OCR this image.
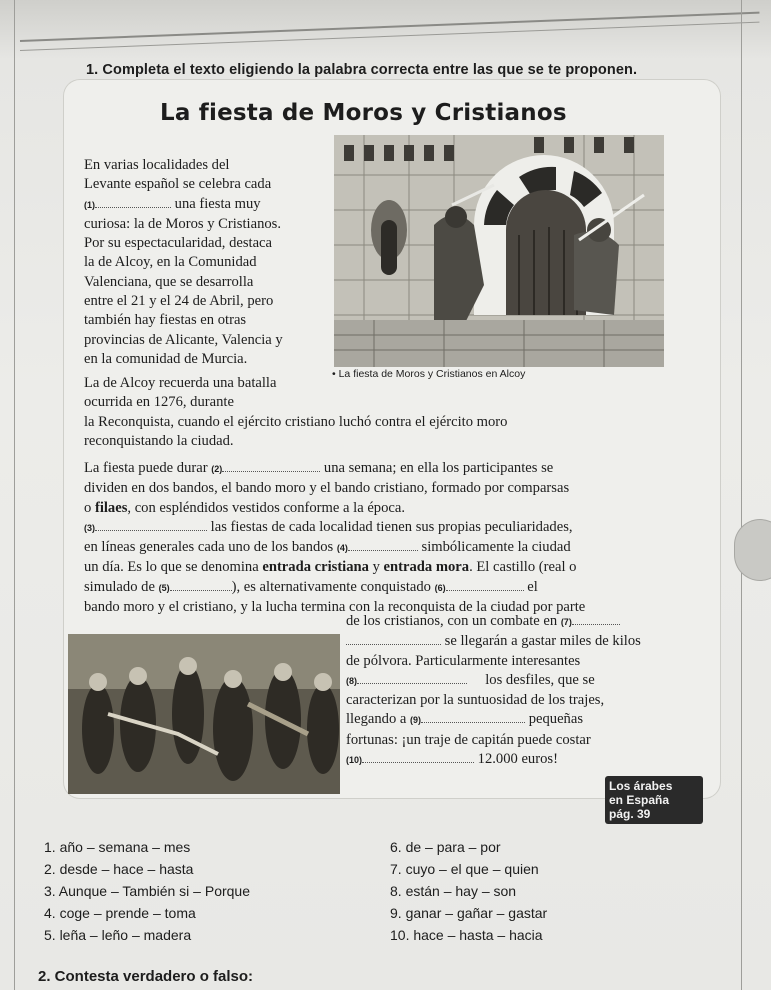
1. Completa el texto eligiendo la palabra correcta entre las que se te proponen.
La fiesta de Moros y Cristianos
En varias localidades del
Levante español se celebra cada
(1)	una fiesta muy
curiosa: la de Moros y Cristianos.
Por su espectacularidad, destaca
la de Alcoy, en la Comunidad
Valenciana, que se desarrolla
entre el 21 y el 24 de Abril, pero
también hay fiestas en otras
provincias de Alicante, Valencia y
en la comunidad de Murcia.
• La fiesta de Moros y Cristianos en Alcoy
La de Alcoy recuerda una batalla
ocurrida en 1276, durante
la Reconquista, cuando el ejército cristiano luchó contra el ejército moro
reconquistando la ciudad.
La fiesta puede durar (2)	una semana; en ella los participantes se
dividen en dos bandos, el bando moro y el bando cristiano, formado por comparsas
o filaes, con espléndidos vestidos conforme a la época.
(3)	las fiestas de cada localidad tienen sus propias peculiaridades,
en líneas generales cada uno de los bandos (4)	simbólicamente la ciudad
un día. Es lo que se denomina entrada cristiana y entrada mora. El castillo (real o
simulado de (5)	), es alternativamente conquistado (6)	el
bando moro y el cristiano, y la lucha termina con la reconquista de la ciudad por parte
de los cristianos, con un combate en (7)
se llegarán a gastar miles de kilos
de pólvora. Particularmente interesantes
(8)	los desfiles, que se
caracterizan por la suntuosidad de los trajes,
llegando a (9)	pequeñas
fortunas: ¡un traje de capitán puede costar
(10)	12.000 euros!
Los árabes
en España
pág. 39
1. año – semana – mes
2. desde – hace – hasta
3. Aunque – También si – Porque
4. coge – prende – toma
5. leña – leño – madera
6. de – para – por
7. cuyo – el que – quien
8. están – hay – son
9. ganar – gañar – gastar
10. hace – hasta – hacia
2. Contesta verdadero o falso:
